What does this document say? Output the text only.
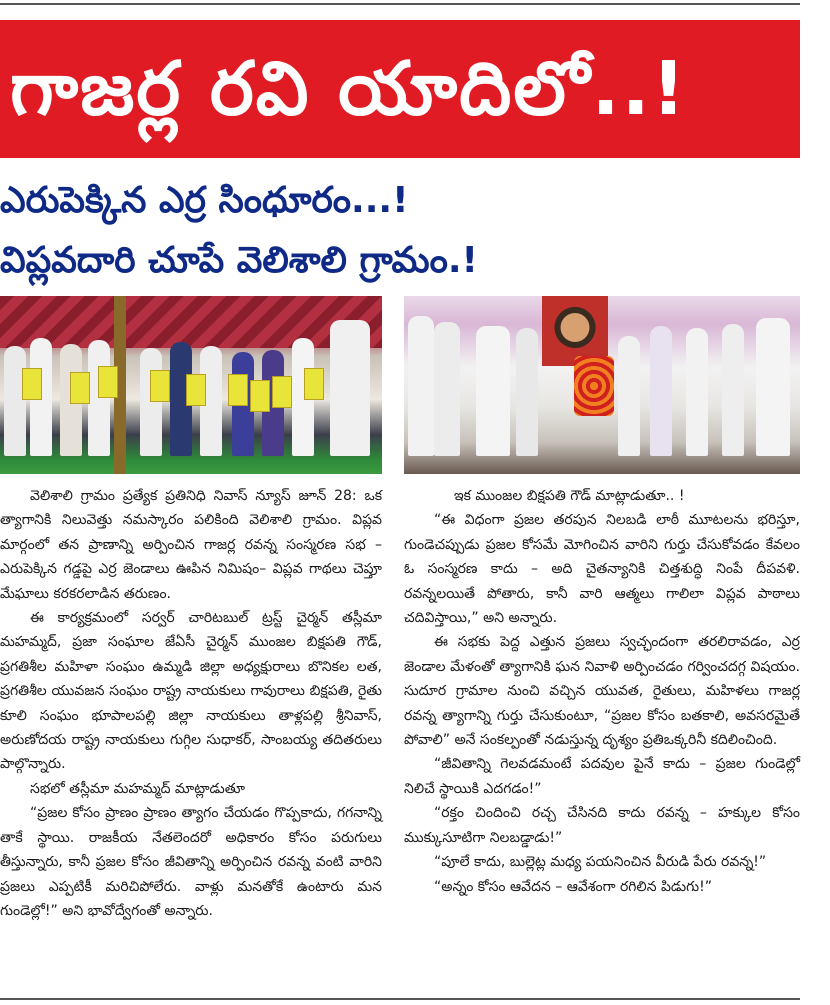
గాజర్ల రవి యాదిలో..!
ఎరుపెక్కిన ఎర్ర సింధూరం...!
విప్లవదారి చూపే వెలిశాలి గ్రామం.!

వెలిశాలి గ్రామం ప్రత్యేక ప్రతినిధి నివాస్ న్యూస్ జూన్ 28: ఒక త్యాగానికి నిలువెత్తు నమస్కారం పలికింది వెలిశాలి గ్రామం. విప్లవ మార్గంలో తన ప్రాణాన్ని అర్పించిన గాజర్ల రవన్న సంస్మరణ సభ – ఎరుపెక్కిన గడ్డపై ఎర్ర జెండాలు ఊపిన నిమిషం– విప్లవ గాథలు చెప్తూ మేఘాలు కరకరలాడిన తరుణం.

ఈ కార్యక్రమంలో సర్వర్ చారిటబుల్ ట్రస్ట్ చైర్మన్ తస్లీమా మహమ్మద్, ప్రజా సంఘాల జేఏసీ చైర్మన్ ముంజల బిక్షపతి గౌడ్, ప్రగతిశీల మహిళా సంఘం ఉమ్మడి జిల్లా అధ్యక్షురాలు బొనికల లత, ప్రగతిశీల యువజన సంఘం రాష్ట్ర నాయకులు గావురాలు బిక్షపతి, రైతు కూలి సంఘం భూపాలపల్లి జిల్లా నాయకులు తాళ్లపల్లి శ్రీనివాస్, అరుణోదయ రాష్ట్ర నాయకులు గుగ్గిల సుధాకర్, సాంబయ్య తదితరులు పాల్గొన్నారు.

సభలో తస్లీమా మహమ్మద్ మాట్లాడుతూ

“ప్రజల కోసం ప్రాణం ప్రాణం త్యాగం చేయడం గొప్పకాదు, గగనాన్ని తాకే స్థాయి. రాజకీయ నేతలెందరో అధికారం కోసం పరుగులు తీస్తున్నారు, కానీ ప్రజల కోసం జీవితాన్ని అర్పించిన రవన్న వంటి వారిని ప్రజలు ఎప్పటికీ మరిచిపోలేరు. వాళ్లు మనతోకే ఉంటారు మన గుండెల్లో!” అని భావోద్వేగంతో అన్నారు.

ఇక ముంజల బిక్షపతి గౌడ్ మాట్లాడుతూ.. !

“ఈ విధంగా ప్రజల తరపున నిలబడి లాఠీ మూటలను భరిస్తూ, గుండెచప్పుడు ప్రజల కోసమే మోగించిన వారిని గుర్తు చేసుకోవడం కేవలం ఓ సంస్మరణ కాదు – అది చైతన్యానికి చిత్తశుద్ధి నింపే దీపవళి. రవన్నలయితే పోతారు, కానీ వారి ఆత్మలు గాలిలా విప్లవ పాఠాలు చదివిస్తాయి,” అని అన్నారు.

ఈ సభకు పెద్ద ఎత్తున ప్రజలు స్వచ్ఛందంగా తరలిరావడం, ఎర్ర జెండాల మేళంతో త్యాగానికి ఘన నివాళి అర్పించడం గర్వించదగ్గ విషయం. సుదూర గ్రామాల నుంచి వచ్చిన యువత, రైతులు, మహిళలు గాజర్ల రవన్న త్యాగాన్ని గుర్తు చేసుకుంటూ, “ప్రజల కోసం బతకాలి, అవసరమైతే పోవాలి” అనే సంకల్పంతో నడుస్తున్న దృశ్యం ప్రతిఒక్కరినీ కదిలించింది.

“జీవితాన్ని గెలవడమంటే పదవుల పైనే కాదు – ప్రజల గుండెల్లో నిలిచే స్థాయికి ఎదగడం!”

“రక్తం చిందించి రచ్చ చేసినది కాదు రవన్న – హక్కుల కోసం ముక్కుసూటిగా నిలబడ్డాడు!”

“పూలే కాదు, బుల్లెట్ల మధ్య పయనించిన వీరుడి పేరు రవన్న!”

“అన్నం కోసం ఆవేదన – ఆవేశంగా రగిలిన పిడుగు!”
